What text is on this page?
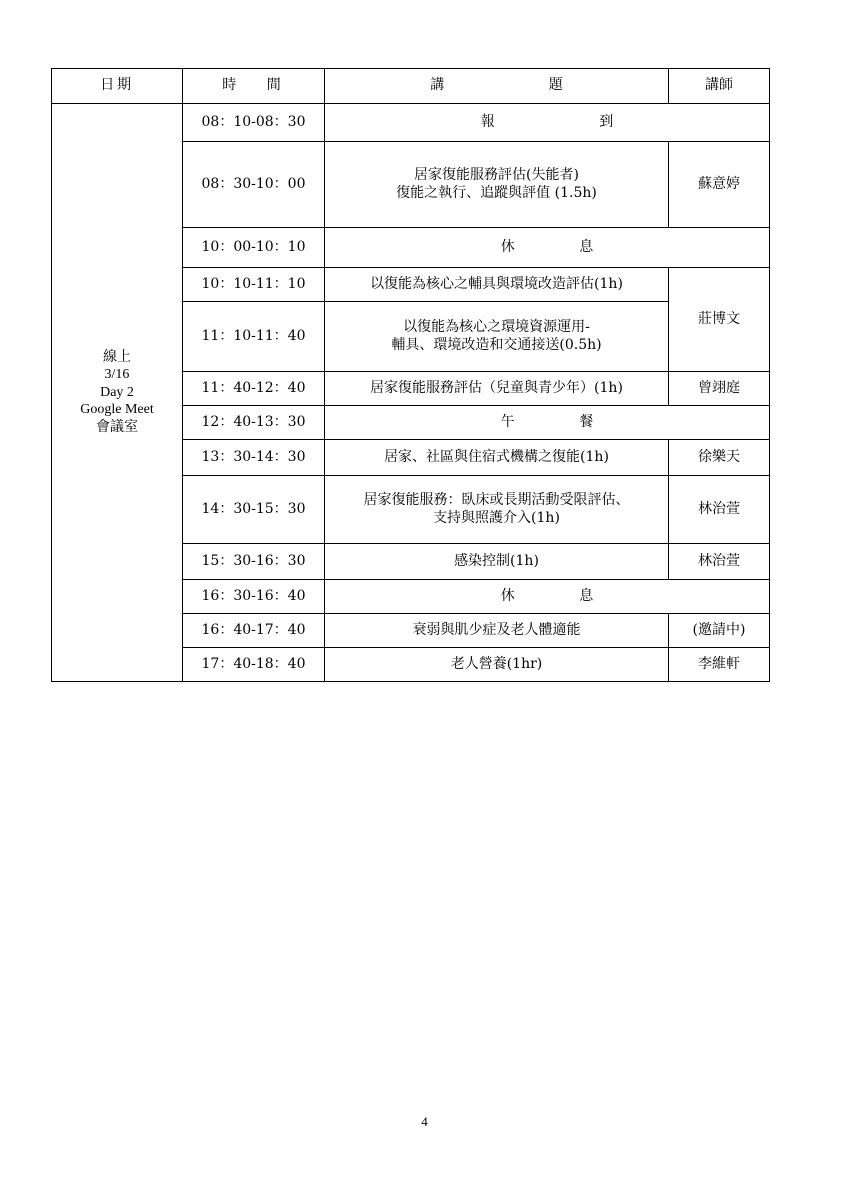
日期	時 間	講 題	講師

線上
3/16
Day 2
Google Meet
會議室	08：10-08：30	報 到	
	08：30-10：00	居家復能服務評估(失能者)
復能之執行、追蹤與評值 (1.5h)	蘇意婷
	10：00-10：10	休 息	
	10：10-11：10	以復能為核心之輔具與環境改造評估(1h)	莊博文
	11：10-11：40	以復能為核心之環境資源運用-
輔具、環境改造和交通接送(0.5h)	

	11：40-12：40	居家復能服務評估（兒童與青少年）(1h)	曾翊庭
	12：40-13：30	午 餐	
	13：30-14：30	居家、社區與住宿式機構之復能(1h)	徐樂天
	14：30-15：30	居家復能服務：臥床或長期活動受限評估、
支持與照護介入(1h)	林治萱
	15：30-16：30	感染控制(1h)	林治萱
	16：30-16：40	休 息	
	16：40-17：40	衰弱與肌少症及老人體適能	(邀請中)
	17：40-18：40	老人營養(1hr)	李維軒
4
